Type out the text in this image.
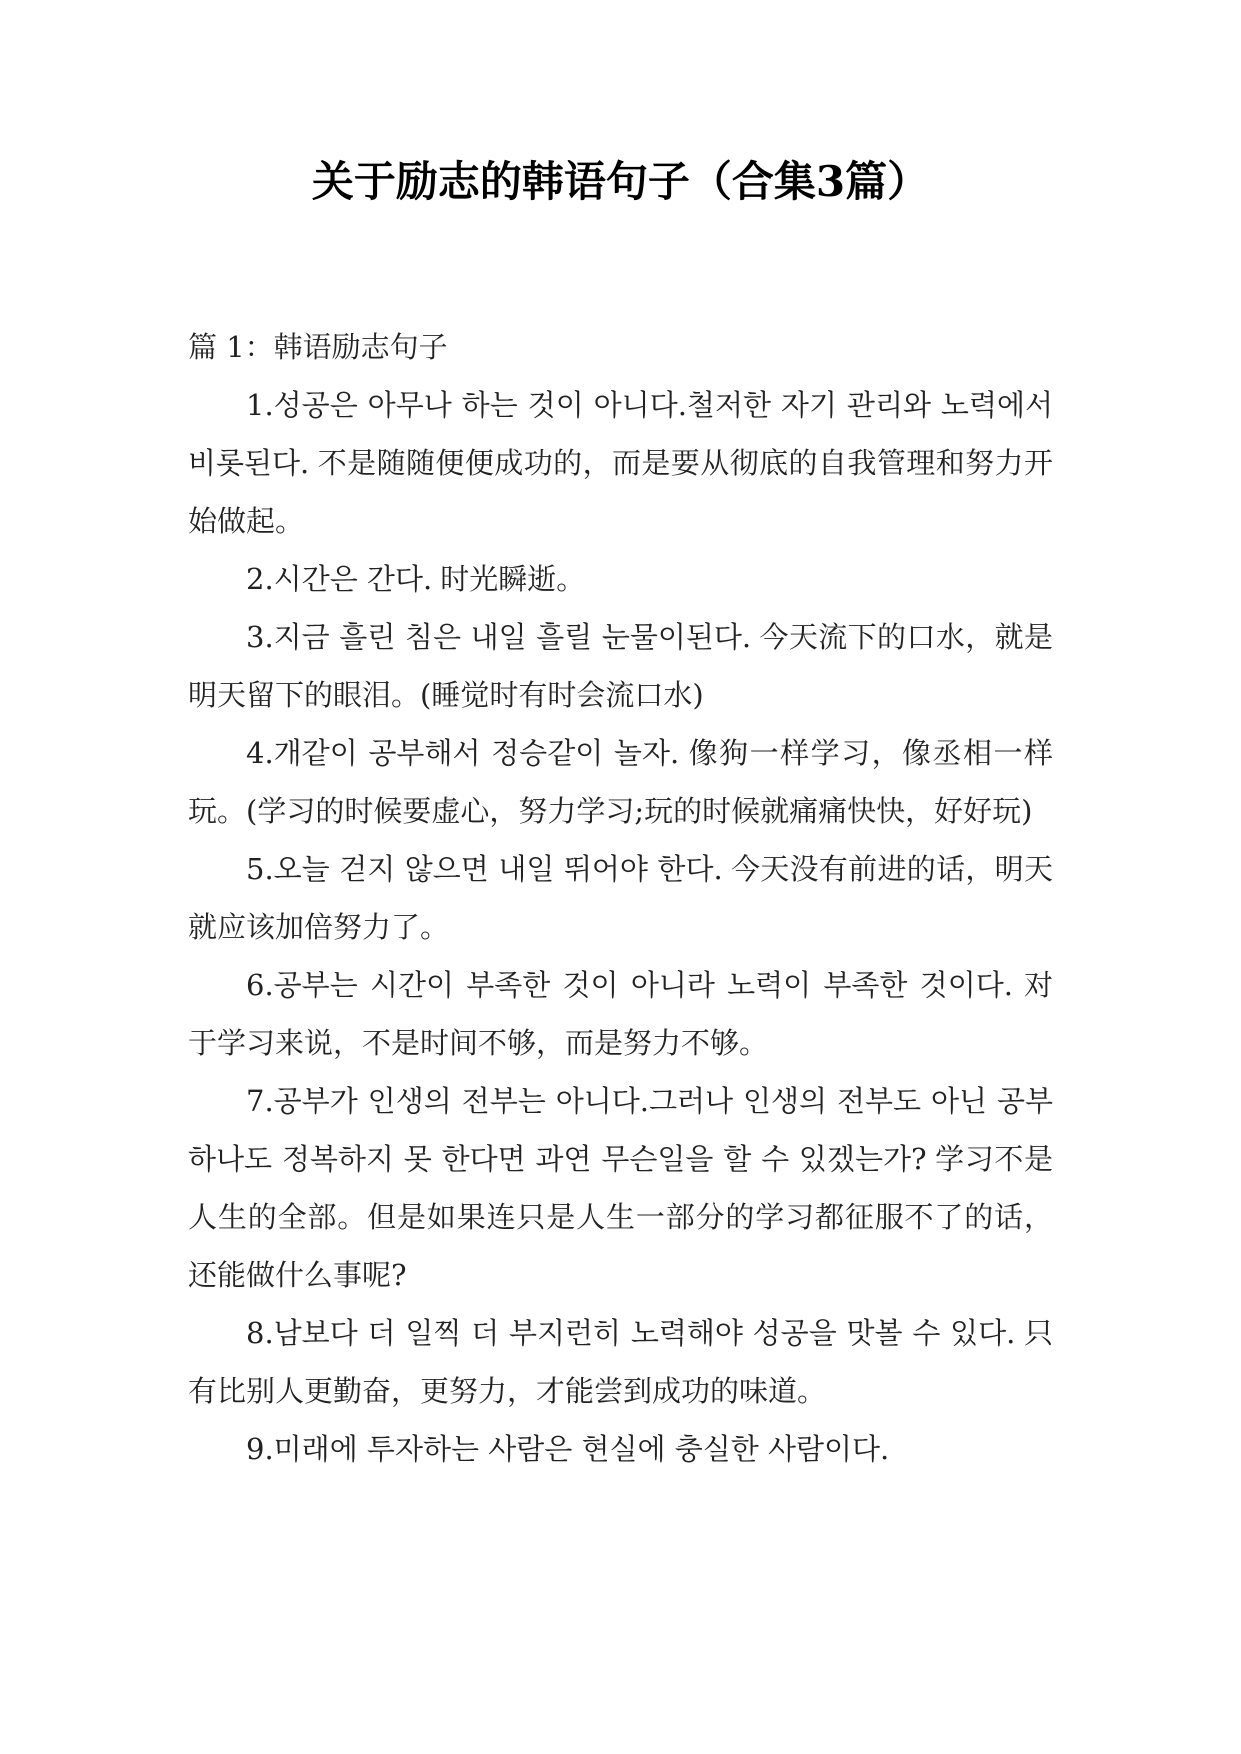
关于励志的韩语句子（合集3篇）
篇 1：韩语励志句子

1.성공은 아무나 하는 것이 아니다.철저한 자기 관리와 노력에서 비롯된다. 不是随随便便成功的，而是要从彻底的自我管理和努力开始做起。

2.시간은 간다. 时光瞬逝。

3.지금 흘린 침은 내일 흘릴 눈물이된다. 今天流下的口水，就是明天留下的眼泪。(睡觉时有时会流口水)

4.개같이 공부해서 정승같이 놀자. 像狗一样学习，像丞相一样玩。(学习的时候要虚心，努力学习;玩的时候就痛痛快快，好好玩)

5.오늘 걷지 않으면 내일 뛰어야 한다. 今天没有前进的话，明天就应该加倍努力了。

6.공부는 시간이 부족한 것이 아니라 노력이 부족한 것이다. 对于学习来说，不是时间不够，而是努力不够。

7.공부가 인생의 전부는 아니다.그러나 인생의 전부도 아닌 공부 하나도 정복하지 못 한다면 과연 무슨일을 할 수 있겠는가? 学习不是人生的全部。但是如果连只是人生一部分的学习都征服不了的话，还能做什么事呢?

8.남보다 더 일찍 더 부지런히 노력해야 성공을 맛볼 수 있다. 只有比别人更勤奋，更努力，才能尝到成功的味道。

9.미래에 투자하는 사람은 현실에 충실한 사람이다.
